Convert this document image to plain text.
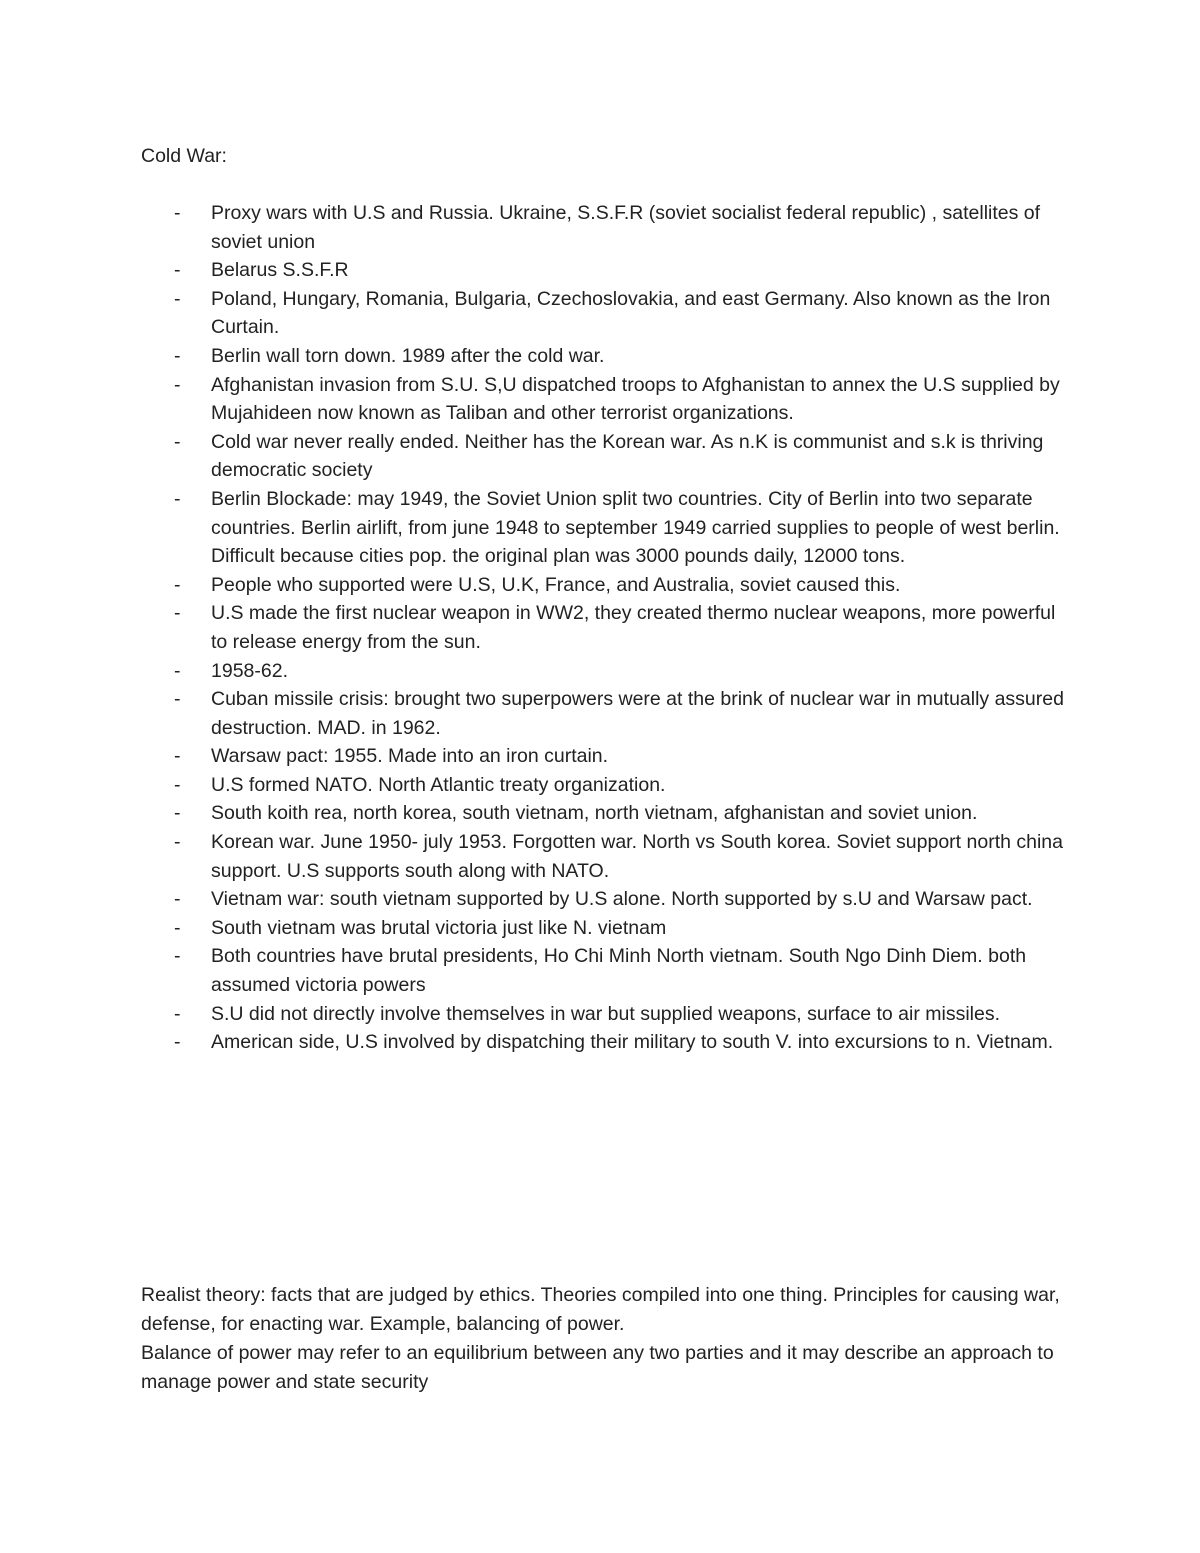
Cold War:

- Proxy wars with U.S and Russia. Ukraine, S.S.F.R (soviet socialist federal republic) , satellites of soviet union
- Belarus S.S.F.R
- Poland, Hungary, Romania, Bulgaria, Czechoslovakia, and east Germany. Also known as the Iron Curtain.
- Berlin wall torn down. 1989 after the cold war.
- Afghanistan invasion from S.U. S,U dispatched troops to Afghanistan to annex the U.S supplied by Mujahideen now known as Taliban and other terrorist organizations.
- Cold war never really ended. Neither has the Korean war. As n.K is communist and s.k is thriving democratic society
- Berlin Blockade: may 1949, the Soviet Union split two countries. City of Berlin into two separate countries. Berlin airlift, from june 1948 to september 1949 carried supplies to people of west berlin. Difficult because cities pop. the original plan was 3000 pounds daily, 12000 tons.
- People who supported were U.S, U.K, France, and Australia, soviet caused this.
- U.S made the first nuclear weapon in WW2, they created thermo nuclear weapons, more powerful to release energy from the sun.
- 1958-62.
- Cuban missile crisis: brought two superpowers were at the brink of nuclear war in mutually assured destruction. MAD. in 1962.
- Warsaw pact: 1955. Made into an iron curtain.
- U.S formed NATO. North Atlantic treaty organization.
- South koith rea, north korea, south vietnam, north vietnam, afghanistan and soviet union.
- Korean war. June 1950- july 1953. Forgotten war. North vs South korea. Soviet support north china support. U.S supports south along with NATO.
- Vietnam war: south vietnam supported by U.S alone. North supported by s.U and Warsaw pact.
- South vietnam was brutal victoria just like N. vietnam
- Both countries have brutal presidents, Ho Chi Minh North vietnam. South Ngo Dinh Diem. both assumed victoria powers
- S.U did not directly involve themselves in war but supplied weapons, surface to air missiles.
- American side, U.S involved by dispatching their military to south V. into excursions to n. Vietnam.

Realist theory: facts that are judged by ethics. Theories compiled into one thing. Principles for causing war, defense, for enacting war. Example, balancing of power.

Balance of power may refer to an equilibrium between any two parties and it may describe an approach to manage power and state security
